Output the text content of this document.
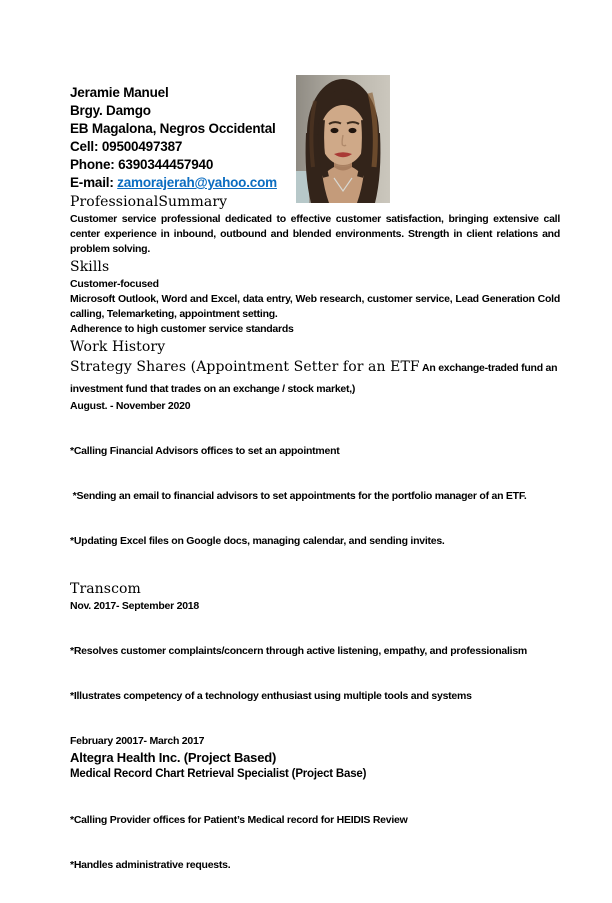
Jeramie Manuel
Brgy. Damgo
EB Magalona, Negros Occidental
Cell: 09500497387
Phone: 6390344457940
E-mail: zamorajerah@yahoo.com
ProfessionalSummary
Customer service professional dedicated to effective customer satisfaction, bringing extensive call center experience in inbound, outbound and blended environments. Strength in client relations and problem solving.
Skills
Customer-focused
Microsoft Outlook, Word and Excel, data entry, Web research, customer service, Lead Generation Cold calling, Telemarketing, appointment setting.
Adherence to high customer service standards
Work History
Strategy Shares (Appointment Setter for an ETF An exchange-traded fund an investment fund that trades on an exchange / stock market,)
August. - November 2020

*Calling Financial Advisors offices to set an appointment

*Sending an email to financial advisors to set appointments for the portfolio manager of an ETF.

*Updating Excel files on Google docs, managing calendar, and sending invites.

Transcom
Nov. 2017- September 2018

*Resolves customer complaints/concern through active listening, empathy, and professionalism

*Illustrates competency of a technology enthusiast using multiple tools and systems

February 20017- March 2017
Altegra Health Inc. (Project Based)
Medical Record Chart Retrieval Specialist (Project Base)

*Calling Provider offices for Patient’s Medical record for HEIDIS Review

*Handles administrative requests.
